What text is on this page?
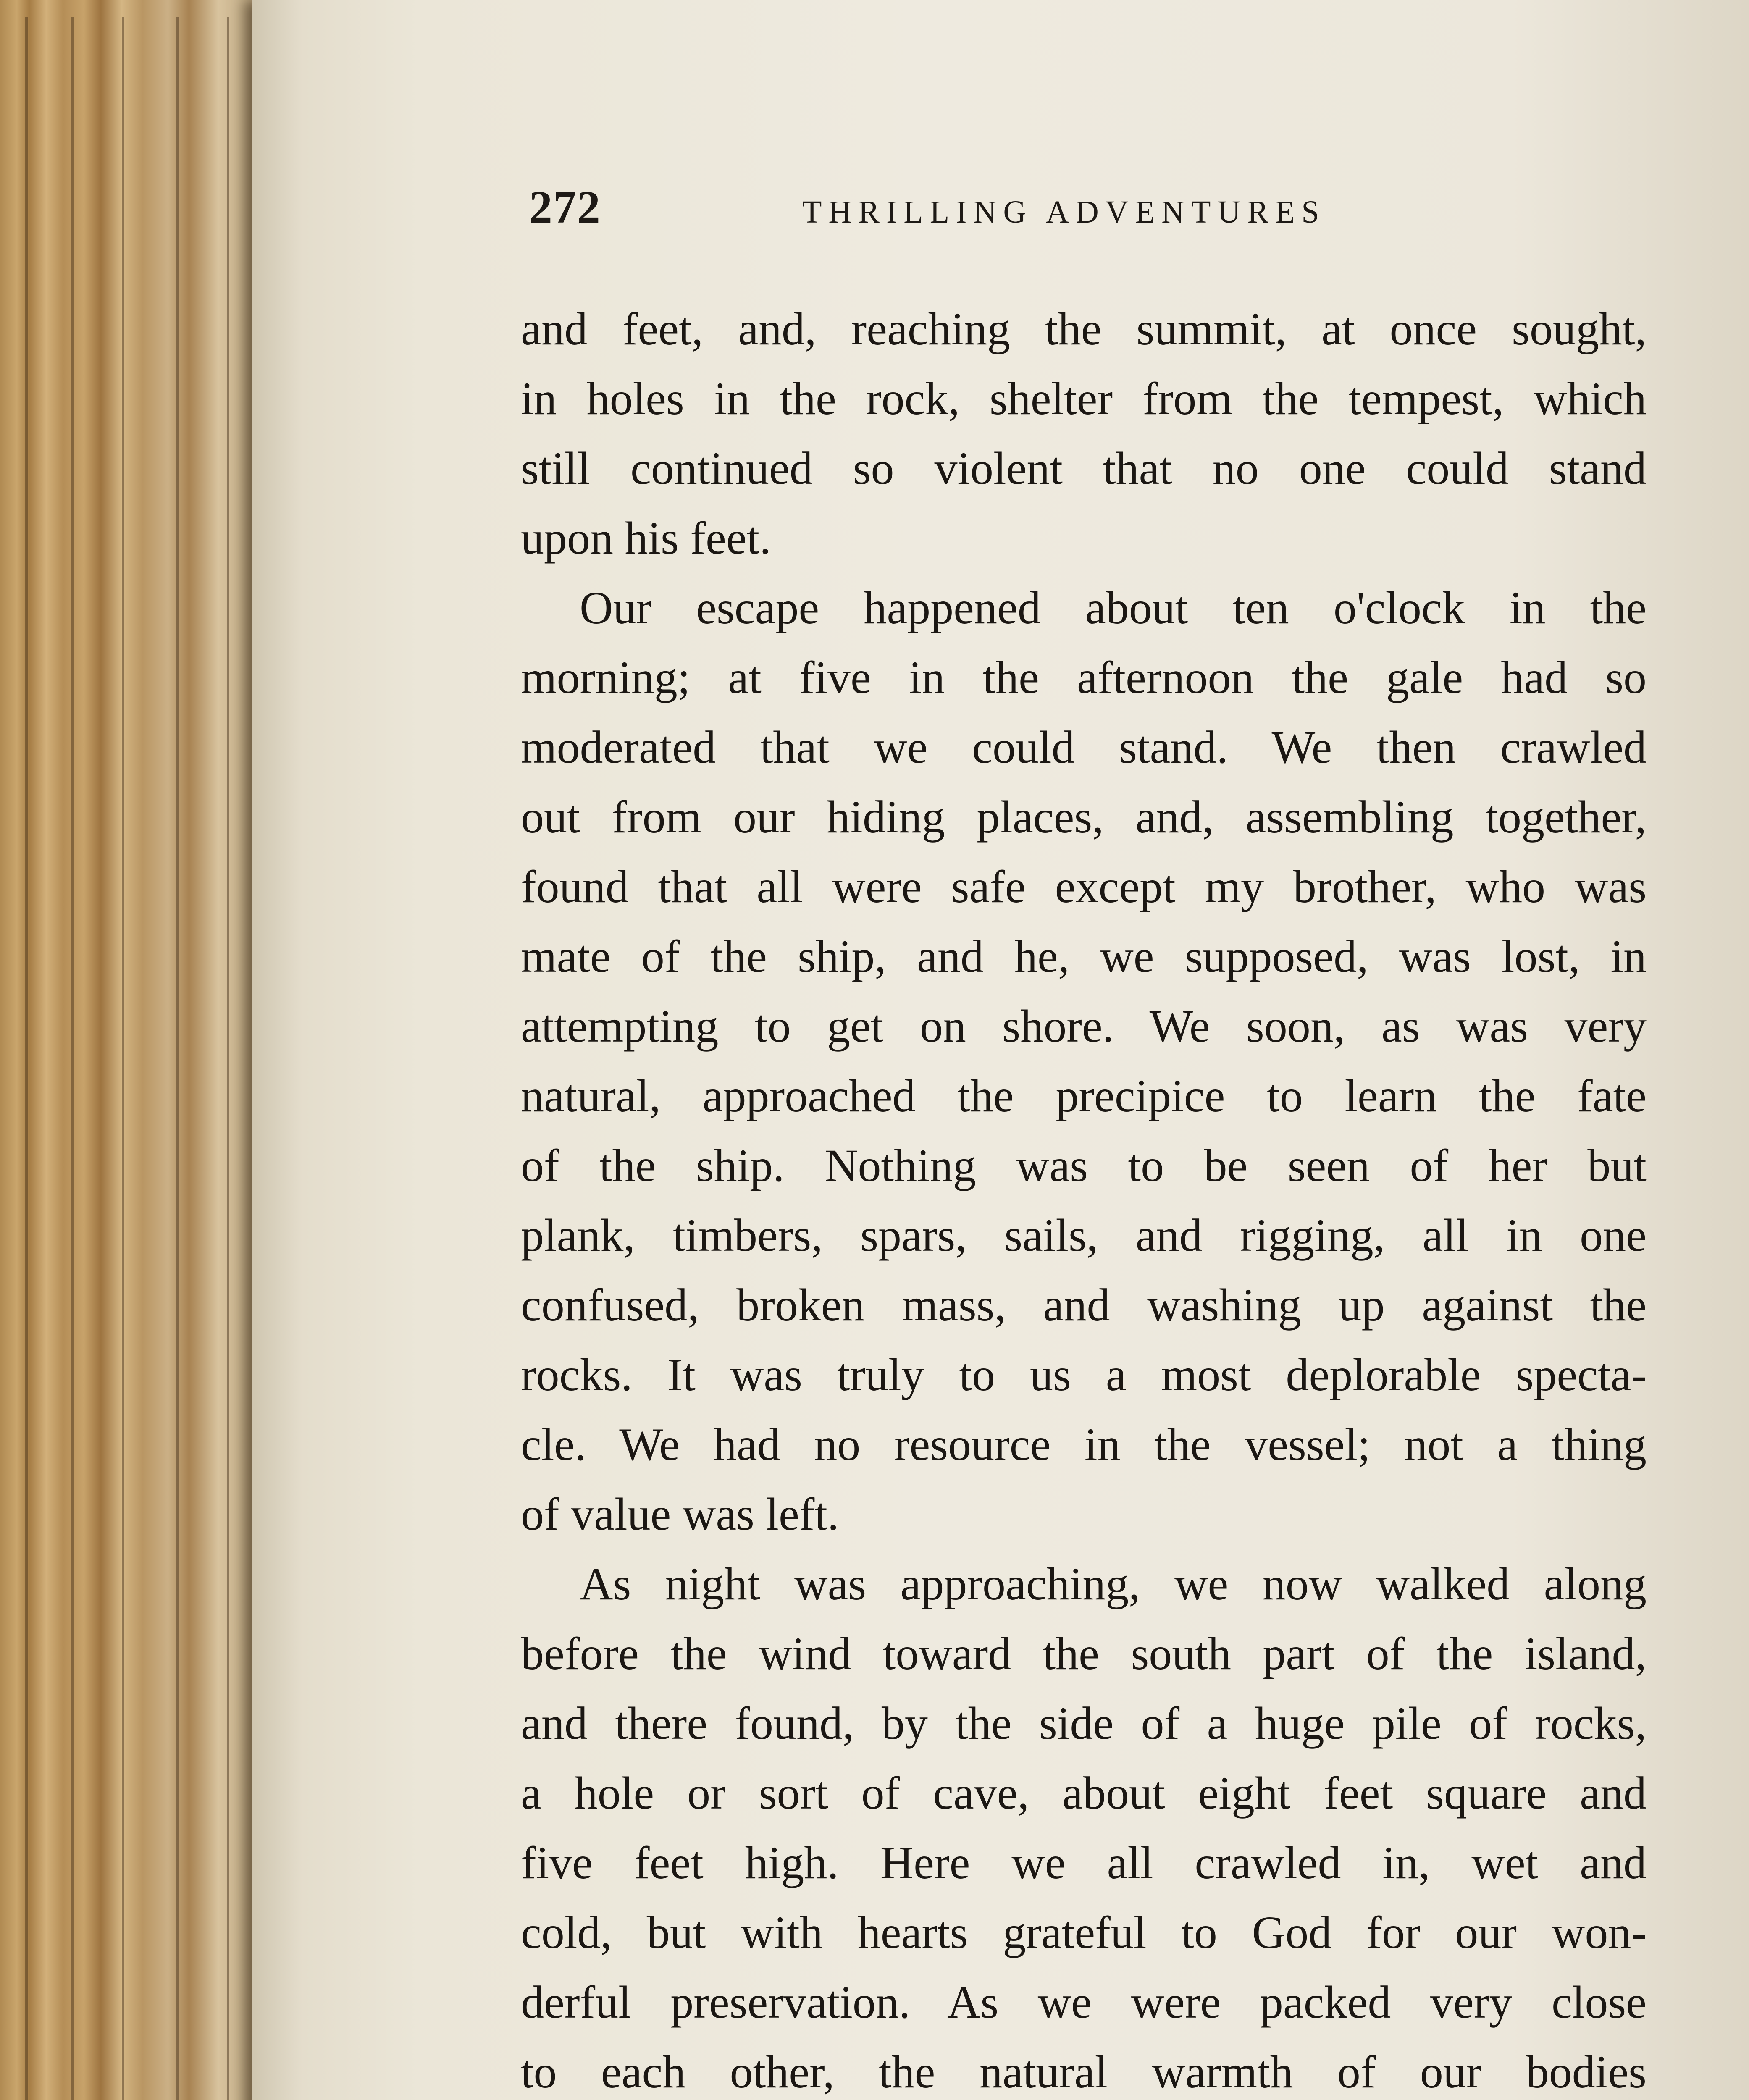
272	THRILLING ADVENTURES
and feet, and, reaching the summit, at once sought,
in holes in the rock, shelter from the tempest, which
still continued so violent that no one could stand
upon his feet.
Our escape happened about ten o'clock in the
morning; at five in the afternoon the gale had so
moderated that we could stand. We then crawled
out from our hiding places, and, assembling together,
found that all were safe except my brother, who was
mate of the ship, and he, we supposed, was lost, in
attempting to get on shore. We soon, as was very
natural, approached the precipice to learn the fate
of the ship. Nothing was to be seen of her but
plank, timbers, spars, sails, and rigging, all in one
confused, broken mass, and washing up against the
rocks. It was truly to us a most deplorable specta-
cle. We had no resource in the vessel; not a thing
of value was left.
As night was approaching, we now walked along
before the wind toward the south part of the island,
and there found, by the side of a huge pile of rocks,
a hole or sort of cave, about eight feet square and
five feet high. Here we all crawled in, wet and
cold, but with hearts grateful to God for our won-
derful preservation. As we were packed very close
to each other, the natural warmth of our bodies
